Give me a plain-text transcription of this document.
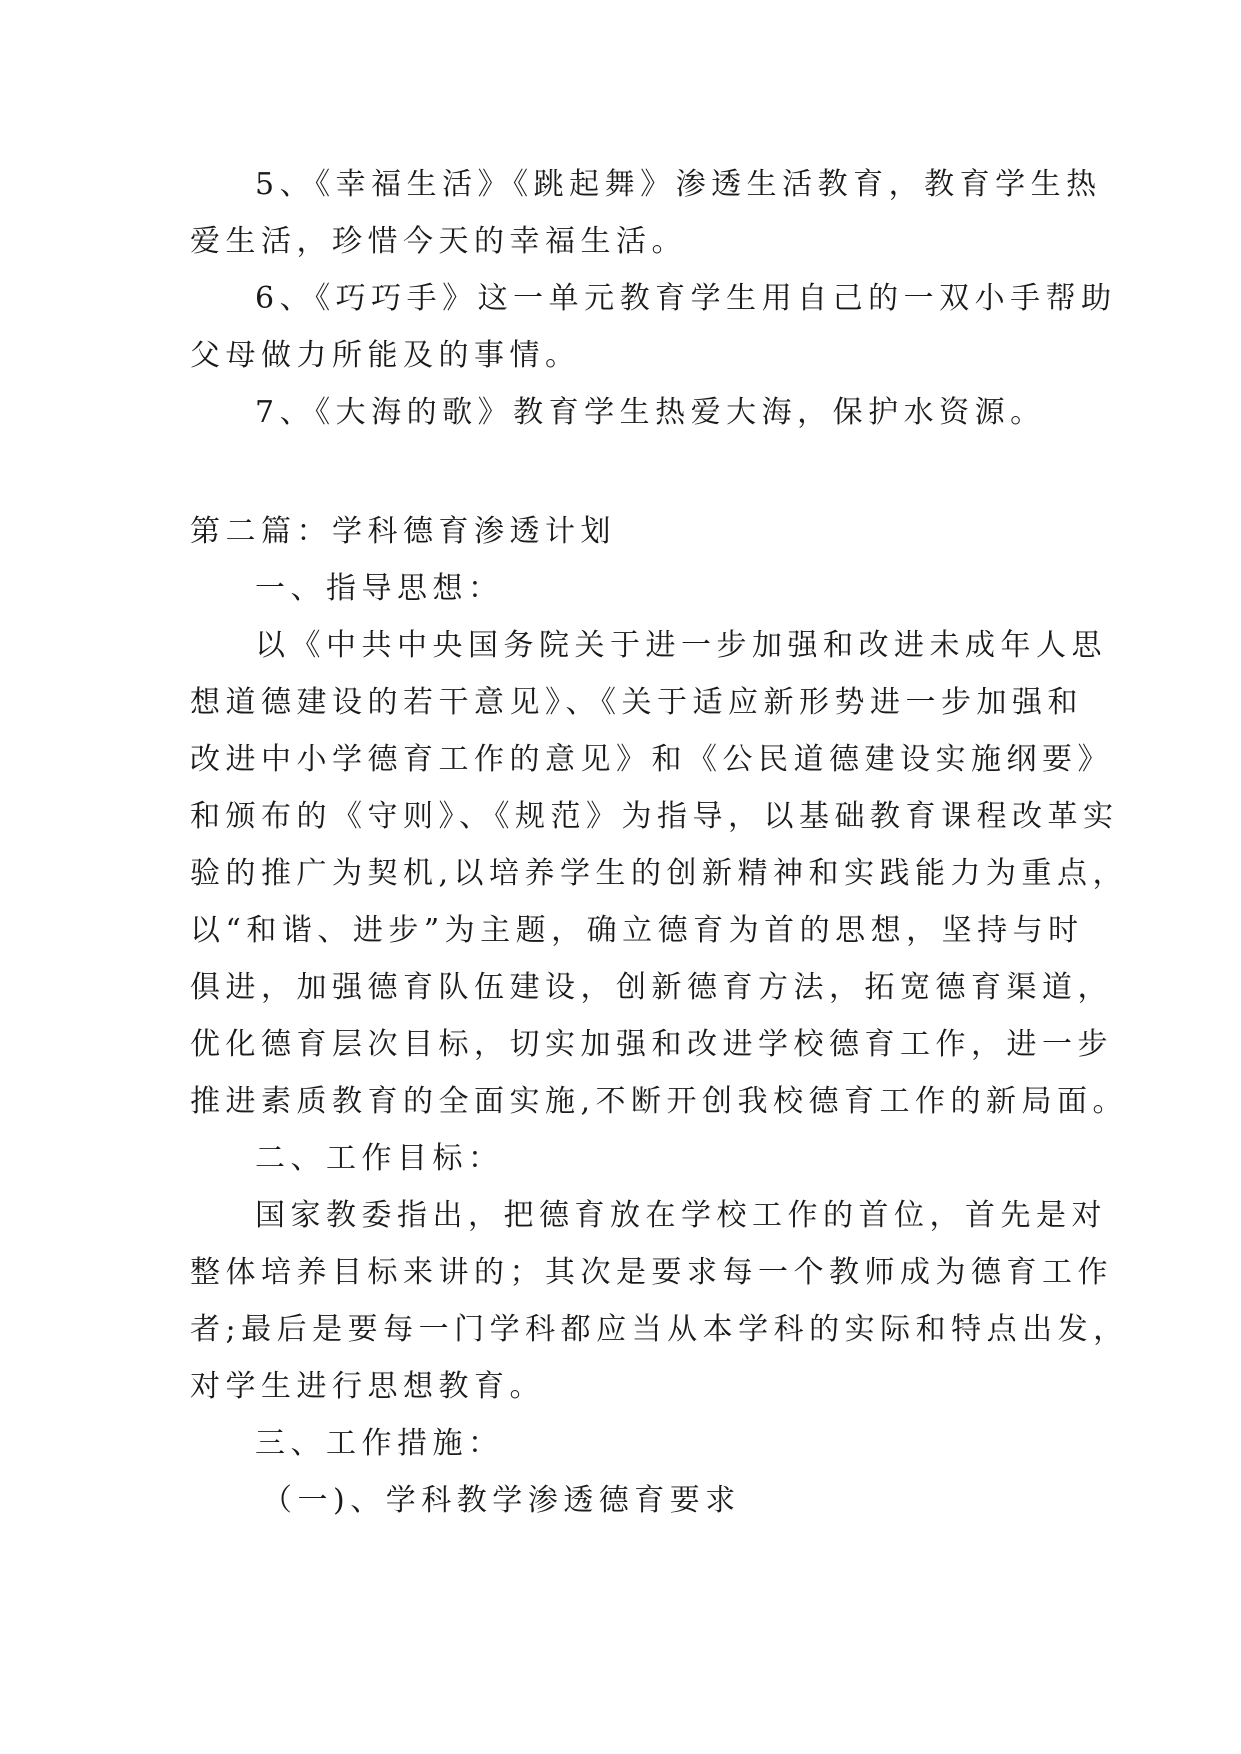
5、《幸福生活》《跳起舞》渗透生活教育，教育学生热
爱生活，珍惜今天的幸福生活。
6、《巧巧手》这一单元教育学生用自己的一双小手帮助
父母做力所能及的事情。
7、《大海的歌》教育学生热爱大海，保护水资源。
第二篇：学科德育渗透计划
一、指导思想：
以《中共中央国务院关于进一步加强和改进未成年人思
想道德建设的若干意见》、《关于适应新形势进一步加强和
改进中小学德育工作的意见》和《公民道德建设实施纲要》
和颁布的《守则》、《规范》为指导，以基础教育课程改革实
验的推广为契机,以培养学生的创新精神和实践能力为重点，
以“和谐、进步”为主题，确立德育为首的思想，坚持与时
俱进，加强德育队伍建设，创新德育方法，拓宽德育渠道，
优化德育层次目标，切实加强和改进学校德育工作，进一步
推进素质教育的全面实施,不断开创我校德育工作的新局面。
二、工作目标：
国家教委指出，把德育放在学校工作的首位，首先是对
整体培养目标来讲的；其次是要求每一个教师成为德育工作
者;最后是要每一门学科都应当从本学科的实际和特点出发，
对学生进行思想教育。
三、工作措施：
（一)、学科教学渗透德育要求
